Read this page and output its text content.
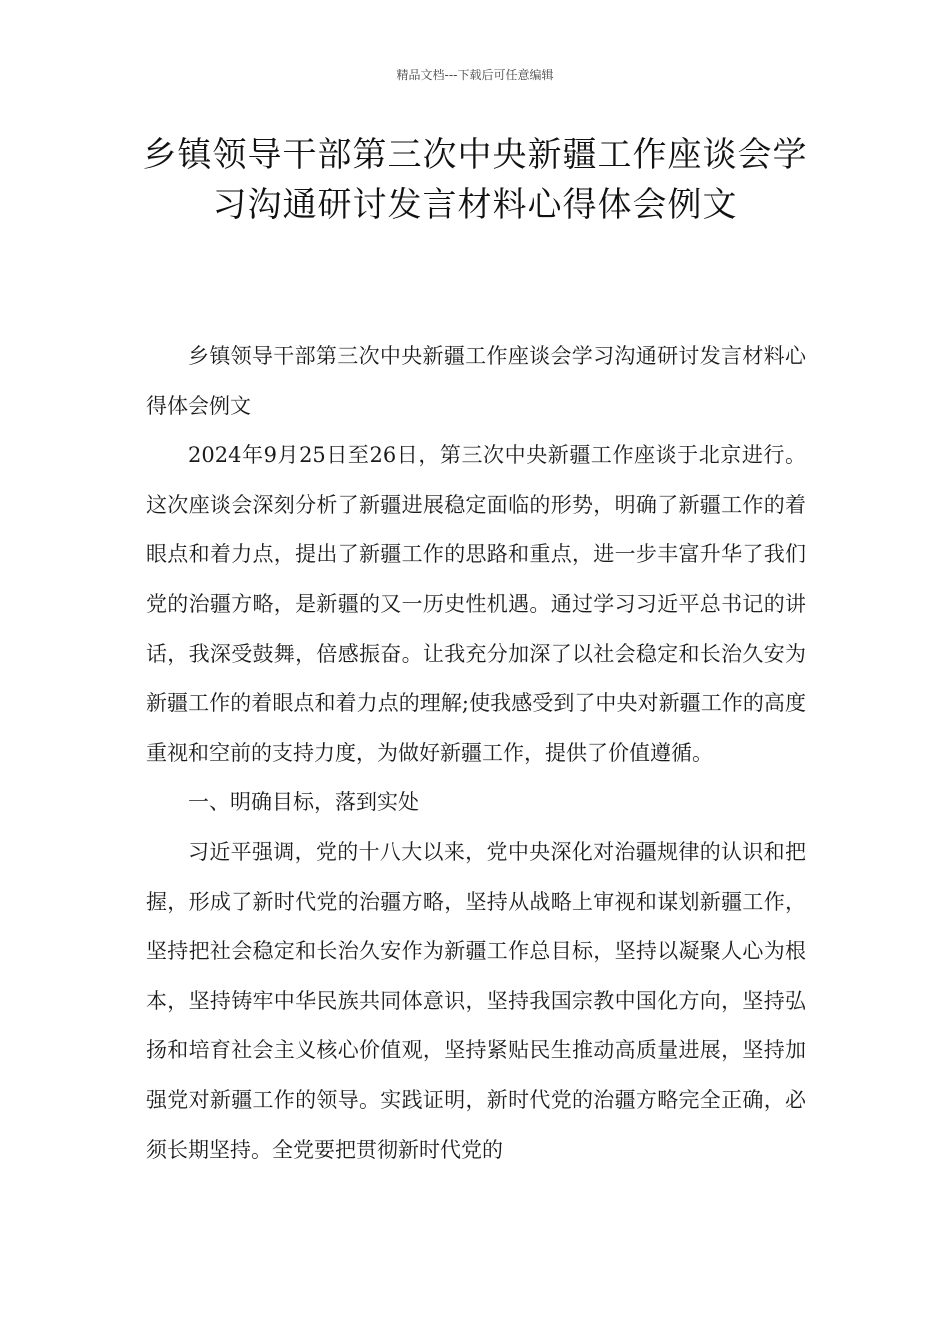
精品文档---下载后可任意编辑
乡镇领导干部第三次中央新疆工作座谈会学习沟通研讨发言材料心得体会例文

乡镇领导干部第三次中央新疆工作座谈会学习沟通研讨发言材料心得体会例文

2024年9月25日至26日，第三次中央新疆工作座谈于北京进行。这次座谈会深刻分析了新疆进展稳定面临的形势，明确了新疆工作的着眼点和着力点，提出了新疆工作的思路和重点，进一步丰富升华了我们党的治疆方略，是新疆的又一历史性机遇。通过学习习近平总书记的讲话，我深受鼓舞，倍感振奋。让我充分加深了以社会稳定和长治久安为新疆工作的着眼点和着力点的理解;使我感受到了中央对新疆工作的高度重视和空前的支持力度，为做好新疆工作，提供了价值遵循。

一、明确目标，落到实处

习近平强调，党的十八大以来，党中央深化对治疆规律的认识和把握，形成了新时代党的治疆方略，坚持从战略上审视和谋划新疆工作，坚持把社会稳定和长治久安作为新疆工作总目标，坚持以凝聚人心为根本，坚持铸牢中华民族共同体意识，坚持我国宗教中国化方向，坚持弘扬和培育社会主义核心价值观，坚持紧贴民生推动高质量进展，坚持加强党对新疆工作的领导。实践证明，新时代党的治疆方略完全正确，必须长期坚持。全党要把贯彻新时代党的
